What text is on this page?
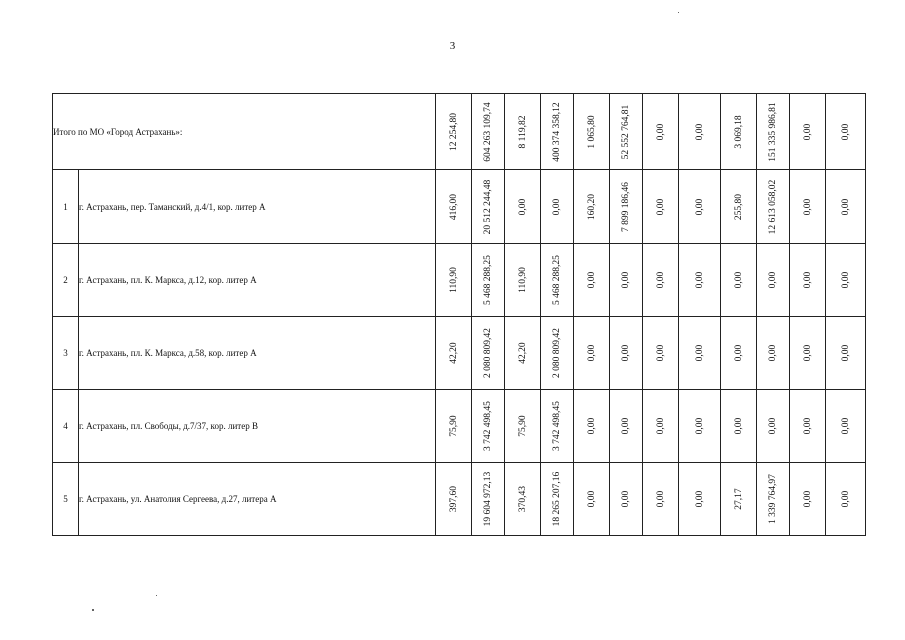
3
Итого по МО «Город Астрахань»:		12 254,80	604 263 109,74	8 119,82	400 374 358,12	1 065,80	52 552 764,81	0,00	0,00	3 069,18	151 335 986,81	0,00	0,00

1	г. Астрахань, пер. Таманский, д.4/1, кор. литер А	416,00	20 512 244,48	0,00	0,00	160,20	7 899 186,46	0,00	0,00	255,80	12 613 058,02	0,00	0,00

2	г. Астрахань, пл. К. Маркса, д.12, кор. литер А	110,90	5 468 288,25	110,90	5 468 288,25	0,00	0,00	0,00	0,00	0,00	0,00	0,00	0,00

3	г. Астрахань, пл. К. Маркса, д.58, кор. литер А	42,20	2 080 809,42	42,20	2 080 809,42	0,00	0,00	0,00	0,00	0,00	0,00	0,00	0,00

4	г. Астрахань, пл. Свободы, д.7/37, кор. литер В	75,90	3 742 498,45	75,90	3 742 498,45	0,00	0,00	0,00	0,00	0,00	0,00	0,00	0,00

5	г. Астрахань, ул. Анатолия Сергеева, д.27, литера А	397,60	19 604 972,13	370,43	18 265 207,16	0,00	0,00	0,00	0,00	27,17	1 339 764,97	0,00	0,00
